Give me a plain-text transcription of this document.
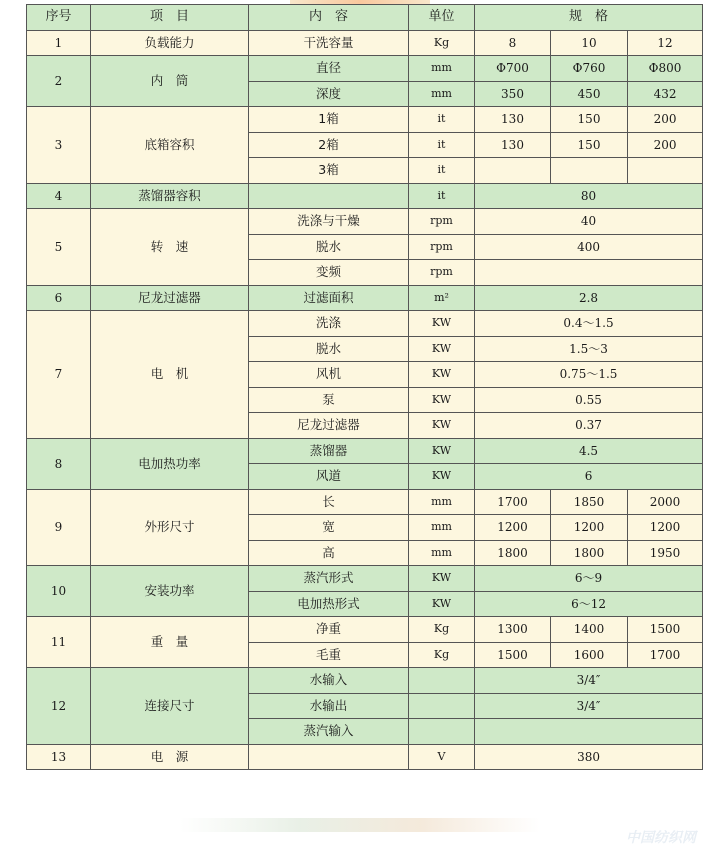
序号	项　目	内　容	单位	规　格		
1	负载能力	干洗容量	Kg	8	10	12
2	内　筒	直径	mm	Φ700	Φ760	Φ800
		深度	mm	350	450	432
3	底箱容积	1箱	it	130	150	200
		2箱	it	130	150	200
		3箱	it			
4	蒸馏器容积		it	80		
5	转　速	洗涤与干燥	rpm	40		
		脱水	rpm	400		
		变频	rpm			
6	尼龙过滤器	过滤面积	m²	2.8		
7	电　机	洗涤	KW	0.4～1.5		
		脱水	KW	1.5～3		
		风机	KW	0.75～1.5		
		泵	KW	0.55		
		尼龙过滤器	KW	0.37		
8	电加热功率	蒸馏器	KW	4.5		
		风道	KW	6		
9	外形尺寸	长	mm	1700	1850	2000
		宽	mm	1200	1200	1200
		高	mm	1800	1800	1950
10	安装功率	蒸汽形式	KW	6～9		
		电加热形式	KW	6～12		
11	重　量	净重	Kg	1300	1400	1500
		毛重	Kg	1500	1600	1700
12	连接尺寸	水输入		3/4″		
		水输出		3/4″		
		蒸汽输入				
13	电　源		V	380		
中国纺织网
